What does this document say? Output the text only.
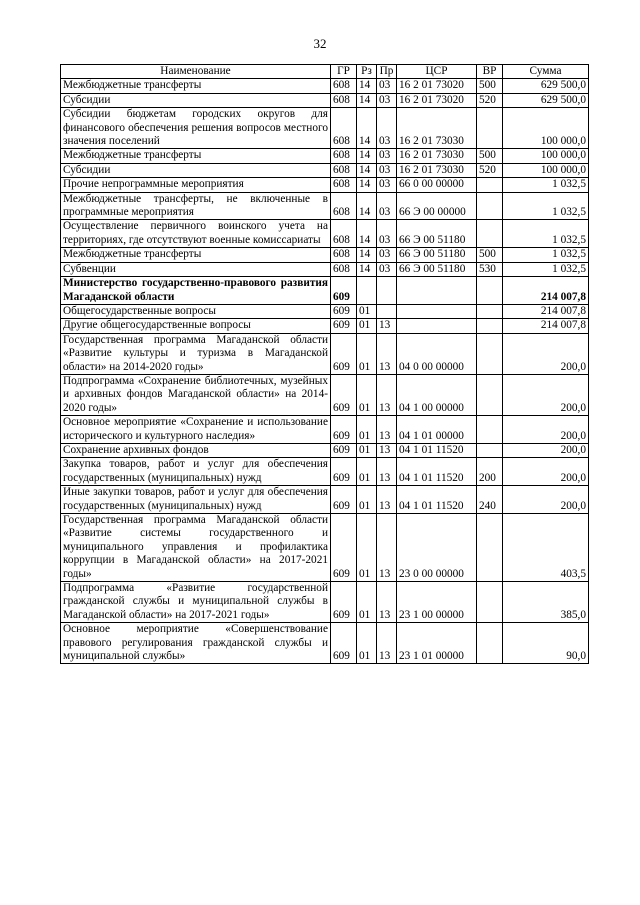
32
Наименование	ГР	Рз	Пр	ЦСР	ВР	Сумма
Межбюджетные трансферты	608	14	03	16 2 01 73020	500	629 500,0
Субсидии	608	14	03	16 2 01 73020	520	629 500,0
Субсидии бюджетам городских округов для финансового обеспечения решения вопросов местного значения поселений	608	14	03	16 2 01 73030		100 000,0
Межбюджетные трансферты	608	14	03	16 2 01 73030	500	100 000,0
Субсидии	608	14	03	16 2 01 73030	520	100 000,0
Прочие непрограммные мероприятия	608	14	03	66 0 00 00000		1 032,5
Межбюджетные трансферты, не включенные в программные мероприятия	608	14	03	66 Э 00 00000		1 032,5
Осуществление первичного воинского учета на территориях, где отсутствуют военные комиссариаты	608	14	03	66 Э 00 51180		1 032,5
Межбюджетные трансферты	608	14	03	66 Э 00 51180	500	1 032,5
Субвенции	608	14	03	66 Э 00 51180	530	1 032,5
Министерство государственно-правового развития Магаданской области	609					214 007,8
Общегосударственные вопросы	609	01				214 007,8
Другие общегосударственные вопросы	609	01	13			214 007,8
Государственная программа Магаданской области «Развитие культуры и туризма в Магаданской области» на 2014-2020 годы»	609	01	13	04 0 00 00000		200,0
Подпрограмма «Сохранение библиотечных, музейных и архивных фондов Магаданской области» на 2014-2020 годы»	609	01	13	04 1 00 00000		200,0
Основное мероприятие «Сохранение и использование исторического и культурного наследия»	609	01	13	04 1 01 00000		200,0
Сохранение архивных фондов	609	01	13	04 1 01 11520		200,0
Закупка товаров, работ и услуг для обеспечения государственных (муниципальных) нужд	609	01	13	04 1 01 11520	200	200,0
Иные закупки товаров, работ и услуг для обеспечения государственных (муниципальных) нужд	609	01	13	04 1 01 11520	240	200,0
Государственная программа Магаданской области «Развитие системы государственного и муниципального управления и профилактика коррупции в Магаданской области» на 2017-2021 годы»	609	01	13	23 0 00 00000		403,5
Подпрограмма «Развитие государственной гражданской службы и муниципальной службы в Магаданской области» на 2017-2021 годы»	609	01	13	23 1 00 00000		385,0
Основное мероприятие «Совершенствование правового регулирования гражданской службы и муниципальной службы»	609	01	13	23 1 01 00000		90,0
